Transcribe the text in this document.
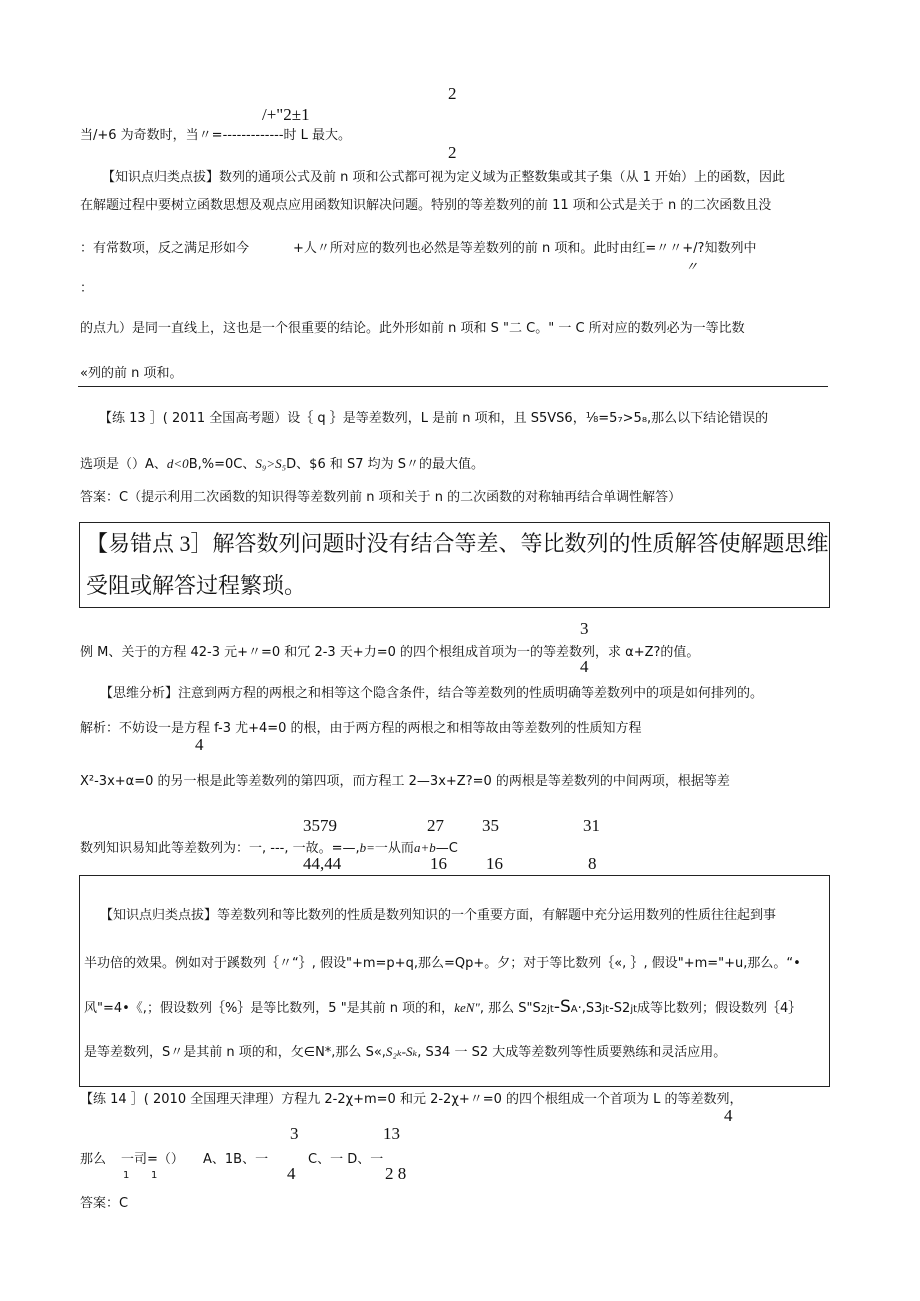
2
/+"2±1
当/+6 为奇数时，当〃=-------------时 L 最大。
2
【知识点归类点拔】数列的通项公式及前 n 项和公式都可视为定义域为正整数集或其子集（从 1 开始）上的函数，因此
在解题过程中要树立函数思想及观点应用函数知识解决问题。特别的等差数列的前 11 项和公式是关于 n 的二次函数且没
：有常数项，反之满足形如今	+人〃所对应的数列也必然是等差数列的前 n 项和。此时由红=〃〃+/?知数列中
〃
：
的点九）是同一直线上，这也是一个很重要的结论。此外形如前 n 项和 S "二 C。" 一 C 所对应的数列必为一等比数
«列的前 n 项和。
【练 13 ］( 2011 全国高考题）设｛ q ｝是等差数列，L 是前 n 项和，且 S5VS6，⅛=5₇>5₈,那么以下结论错误的
选项是（）A、d<0B,%=0C、S₉>S₅D、$6 和 S7 均为 S〃的最大值。
答案：C（提示利用二次函数的知识得等差数列前 n 项和关于 n 的二次函数的对称轴再结合单调性解答）
【易错点 3］解答数列问题时没有结合等差、等比数列的性质解答使解题思维
受阻或解答过程繁琐。
3
例 M、关于的方程 42-3 元+〃=0 和冗 2-3 天+力=0 的四个根组成首项为一的等差数列，求 α+Z?的值。
4
【思维分析】注意到两方程的两根之和相等这个隐含条件，结合等差数列的性质明确等差数列中的项是如何排列的。
解析：不妨设一是方程 f-3 尤+4=0 的根，由于两方程的两根之和相等故由等差数列的性质知方程
4
X²-3x+α=0 的另一根是此等差数列的第四项，而方程工 2—3x+Z?=0 的两根是等差数列的中间两项，根据等差
3579	27 35	31
数列知识易知此等差数列为：一, ---, 一故。=—,b=一从而a+b—C
44,44	16 16	8
【知识点归类点拔】等差数列和等比数列的性质是数列知识的一个重要方面，有解题中充分运用数列的性质往往起到事
半功倍的效果。例如对于蹊数列｛〃“｝, 假设"+m=p+q,那么=Qp+。夕；对于等比数列｛«, ｝, 假设"+m="+u,那么。“•
风"=4•《,；假设数列｛%｝是等比数列，5 "是其前 n 项的和，keN", 那么 S"S2jt-SA·,S3jt-S2jt成等比数列；假设数列｛4｝
是等差数列，S〃是其前 n 项的和，攵∈N*,那么 S«,S₂ₖ-Sₖ, S34 一 S2 大成等差数列等性质要熟练和灵活应用。
【练 14 ］( 2010 全国理天津理）方程九 2-2χ+m=0 和元 2-2χ+〃=0 的四个根组成一个首项为 L 的等差数列，
4
3	13
那么 一司=（） A、1B、一	C、一 D、一
1 1	4	2 8
答案：C
